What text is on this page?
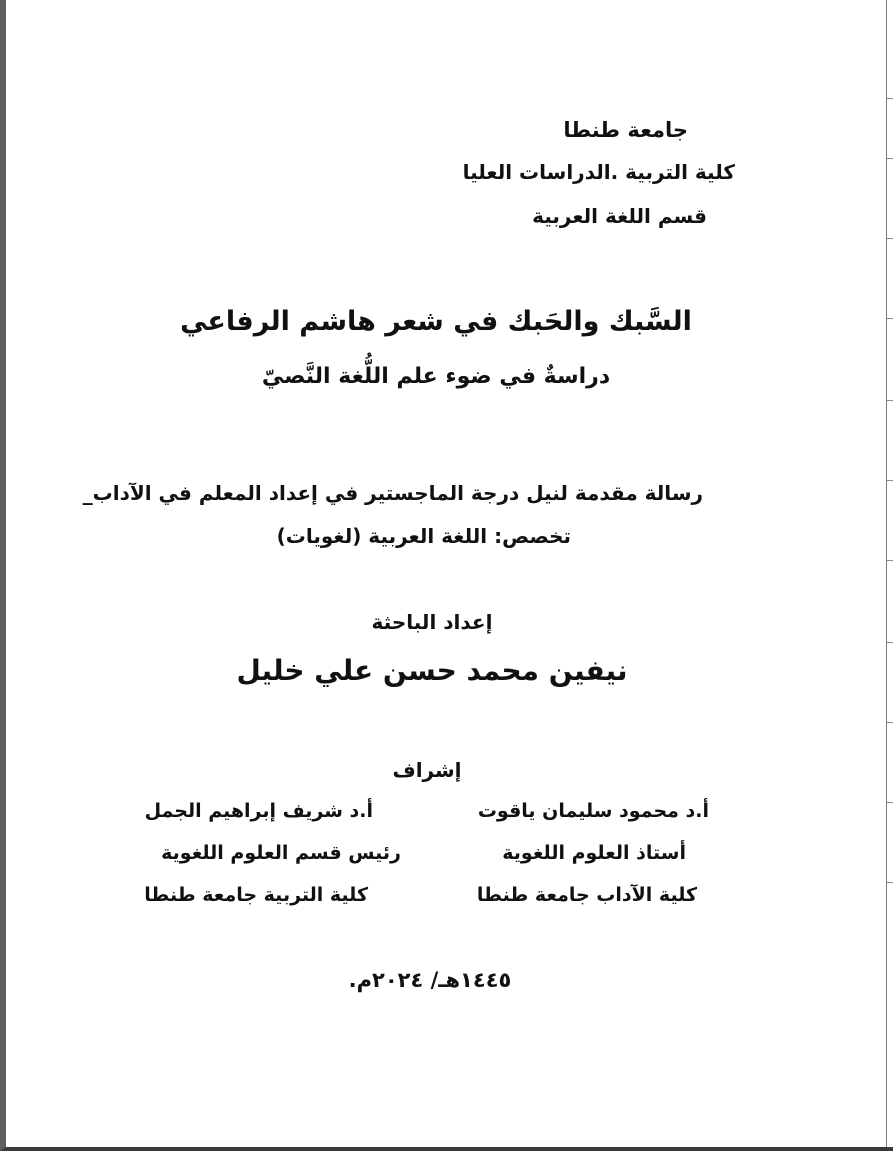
جامعة طنطا

كلية التربية .الدراسات العليا

قسم اللغة العربية

السَّبك والحَبك في شعر هاشم الرفاعي

دراسةٌ في ضوء علم اللُّغة النَّصيّ

رسالة مقدمة لنيل درجة الماجستير في إعداد المعلم في الآداب_

تخصص: اللغة العربية (لغويات)

إعداد الباحثة

نيفين محمد حسن علي خليل

إشراف

أ.د محمود سليمان ياقوت

أستاذ العلوم اللغوية

كلية الآداب جامعة طنطا

أ.د شريف إبراهيم الجمل

رئيس قسم العلوم اللغوية

كلية التربية جامعة طنطا

١٤٤٥هـ/ ٢٠٢٤م.
